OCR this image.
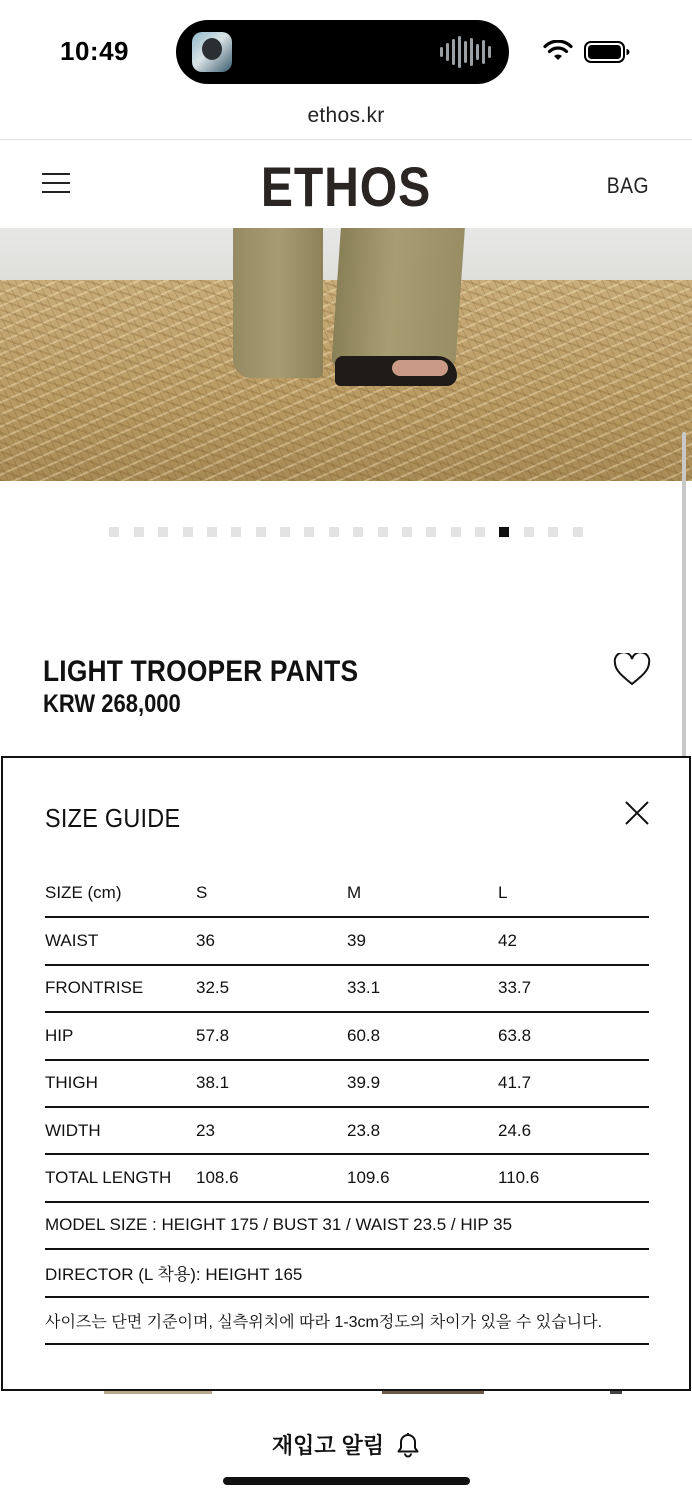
10:49
ethos.kr
ETHOS	BAG
LIGHT TROOPER PANTS
KRW 268,000
SIZE GUIDE
SIZE (cm)	S	M	L
WAIST	36	39	42
FRONTRISE	32.5	33.1	33.7
HIP	57.8	60.8	63.8
THIGH	38.1	39.9	41.7
WIDTH	23	23.8	24.6
TOTAL LENGTH	108.6	109.6	110.6
MODEL SIZE : HEIGHT 175 / BUST 31 / WAIST 23.5 / HIP 35			
DIRECTOR (L 착용): HEIGHT 165			
사이즈는 단면 기준이며, 실측위치에 따라 1-3cm정도의 차이가 있을 수 있습니다.			
재입고 알림
